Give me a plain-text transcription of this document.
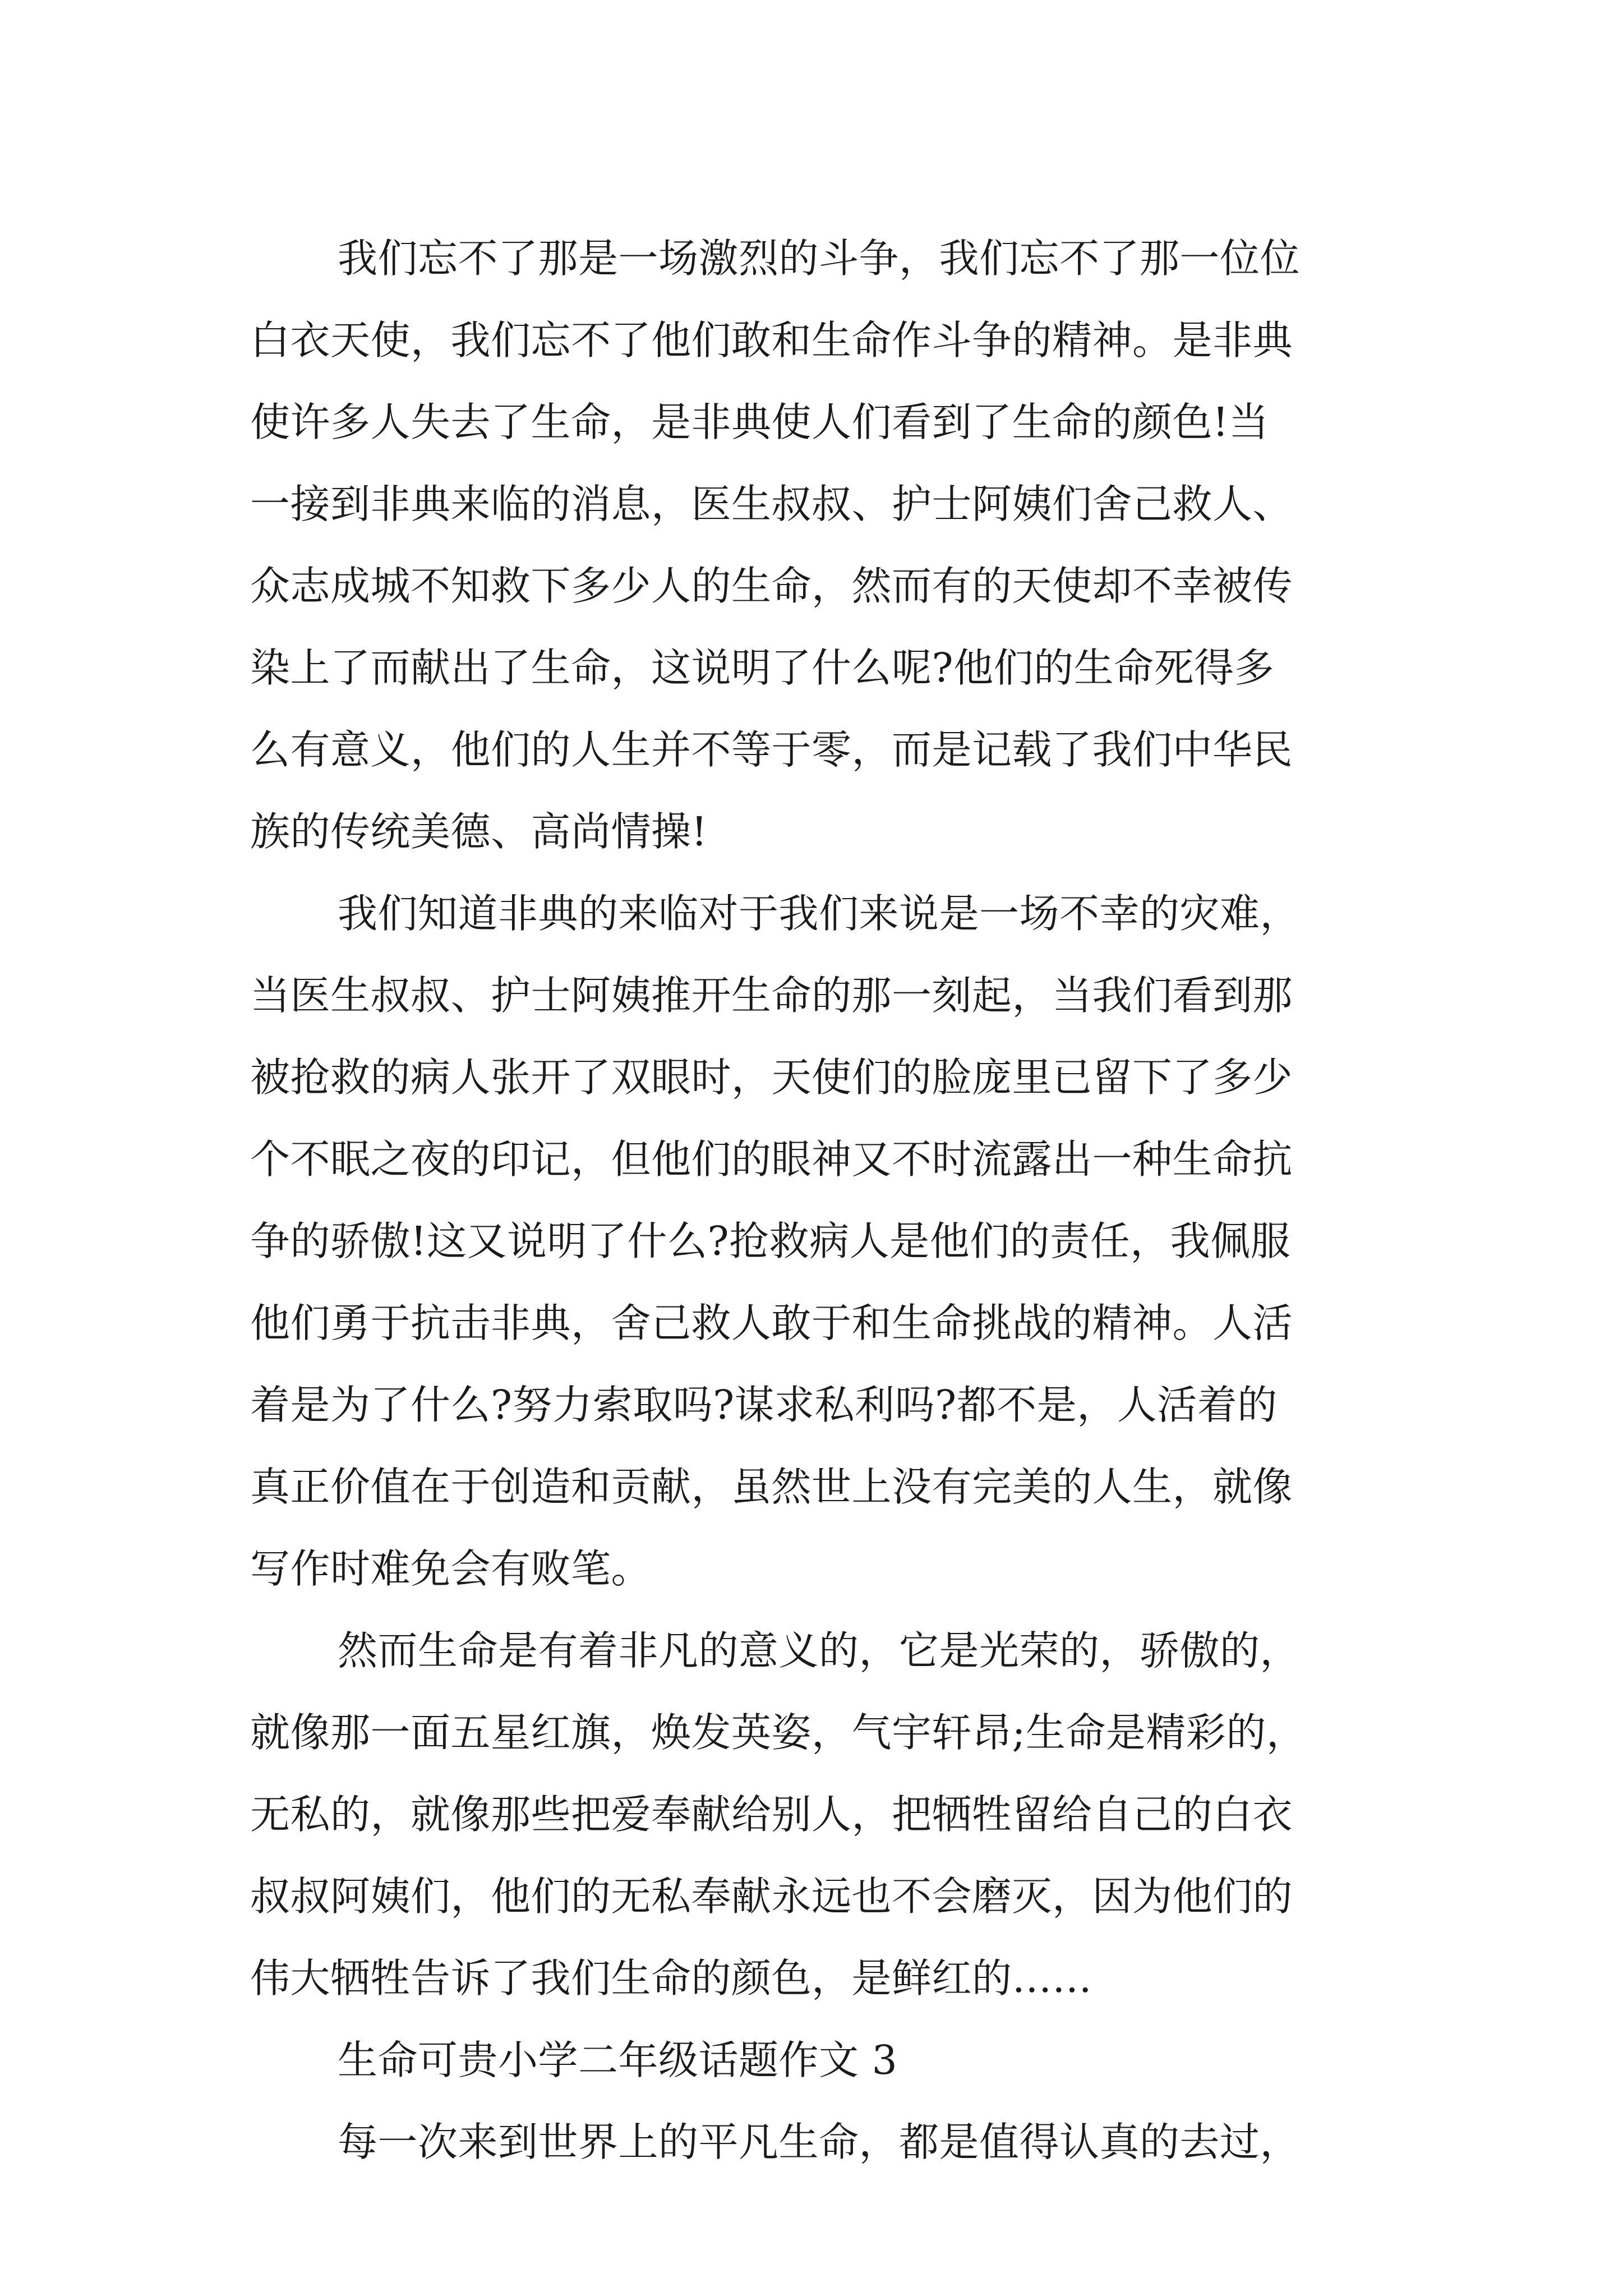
我们忘不了那是一场激烈的斗争，我们忘不了那一位位
白衣天使，我们忘不了他们敢和生命作斗争的精神。是非典
使许多人失去了生命，是非典使人们看到了生命的颜色!当
一接到非典来临的消息，医生叔叔、护士阿姨们舍己救人、
众志成城不知救下多少人的生命，然而有的天使却不幸被传
染上了而献出了生命，这说明了什么呢?他们的生命死得多
么有意义，他们的人生并不等于零，而是记载了我们中华民
族的传统美德、高尚情操!
我们知道非典的来临对于我们来说是一场不幸的灾难，
当医生叔叔、护士阿姨推开生命的那一刻起，当我们看到那
被抢救的病人张开了双眼时，天使们的脸庞里已留下了多少
个不眠之夜的印记，但他们的眼神又不时流露出一种生命抗
争的骄傲!这又说明了什么?抢救病人是他们的责任，我佩服
他们勇于抗击非典，舍己救人敢于和生命挑战的精神。人活
着是为了什么?努力索取吗?谋求私利吗?都不是，人活着的
真正价值在于创造和贡献，虽然世上没有完美的人生，就像
写作时难免会有败笔。
然而生命是有着非凡的意义的，它是光荣的，骄傲的，
就像那一面五星红旗，焕发英姿，气宇轩昂;生命是精彩的，
无私的，就像那些把爱奉献给别人，把牺牲留给自己的白衣
叔叔阿姨们，他们的无私奉献永远也不会磨灭，因为他们的
伟大牺牲告诉了我们生命的颜色，是鲜红的……
生命可贵小学二年级话题作文 3
每一次来到世界上的平凡生命，都是值得认真的去过，
